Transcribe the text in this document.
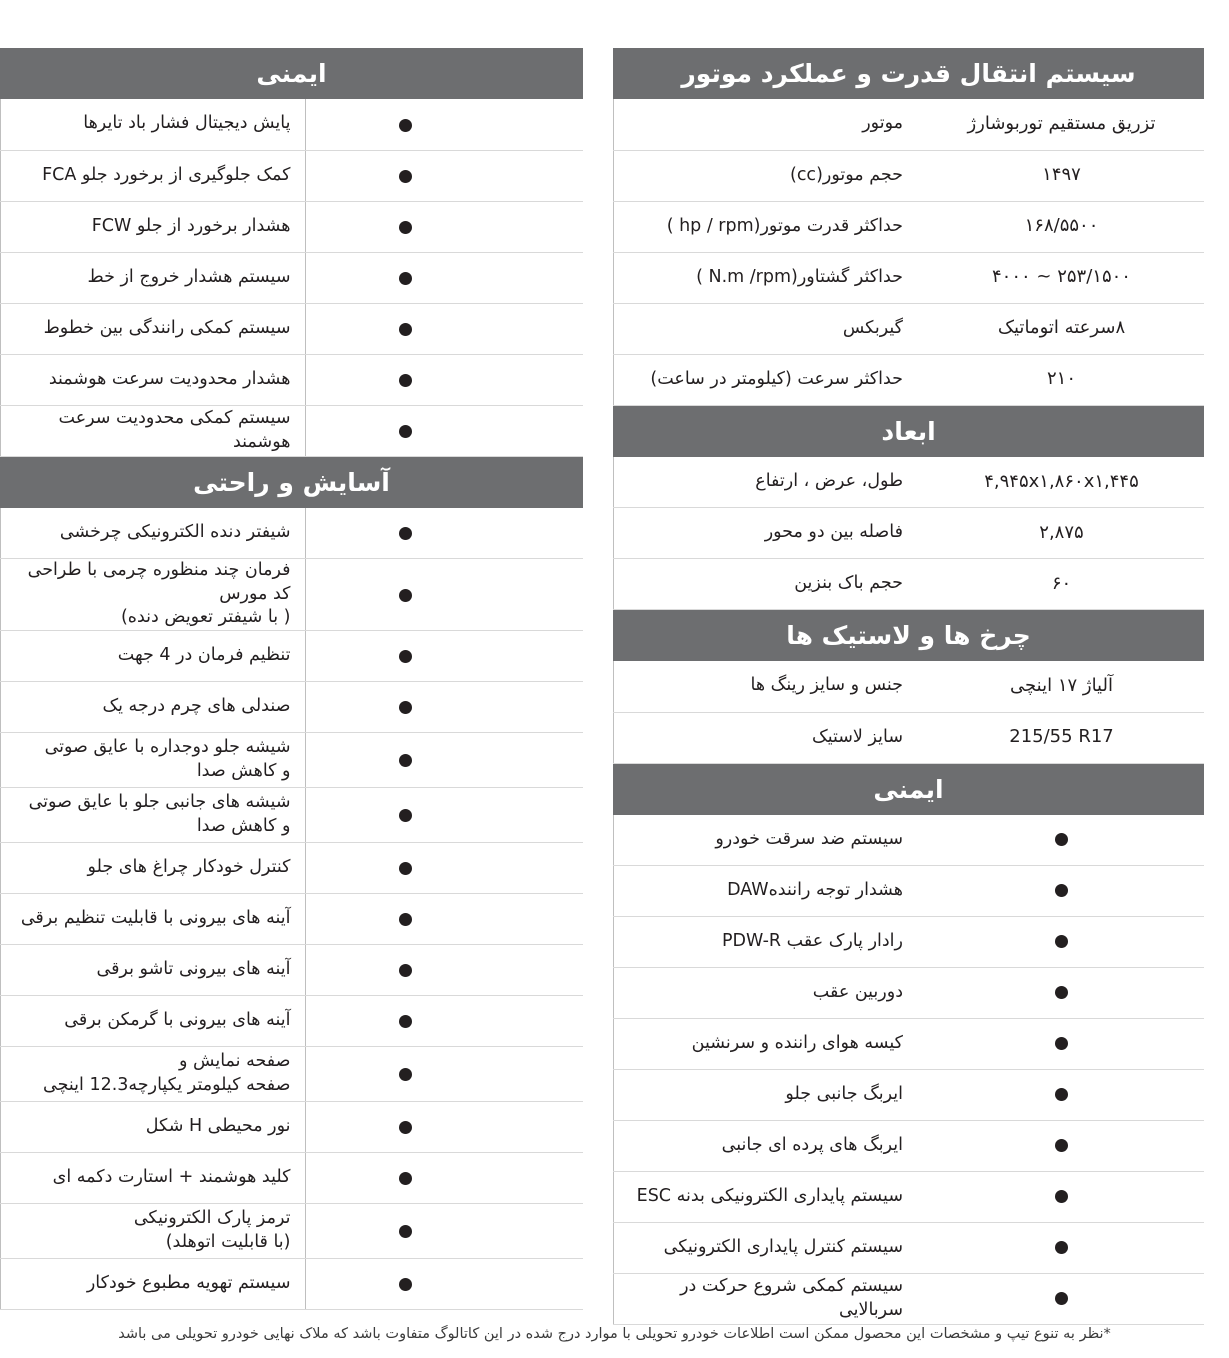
سیستم انتقال قدرت و عملکرد موتور
تزریق مستقیم توربوشارژ	موتور
۱۴۹۷	حجم موتور(cc)
۱۶۸/۵۵۰۰	حداکثر قدرت موتور(hp / rpm )
۲۵۳/۱۵۰۰ ~ ۴۰۰۰	حداکثر گشتاور(N.m /rpm )
۸سرعته اتوماتیک	گیربکس
۲۱۰	حداکثر سرعت (کیلومتر در ساعت)
ابعاد
۴,۹۴۵x۱,۸۶۰x۱,۴۴۵	طول، عرض ، ارتفاع
۲,۸۷۵	فاصله بین دو محور
۶۰	حجم باک بنزین
چرخ ها و لاستیک ها
آلیاژ ۱۷ اینچی	جنس و سایز رینگ ها
215/55 R17	سایز لاستیک
ایمنی
	سیستم ضد سرقت خودرو
	هشدار توجه رانندهDAW
	رادار پارک عقب PDW-R
	دوربین عقب
	کیسه هوای راننده و سرنشین
	ایربگ جانبی جلو
	ایربگ های پرده ای جانبی
	سیستم پایداری الکترونیکی بدنه ESC
	سیستم کنترل پایداری الکترونیکی
	سیستم کمکی شروع حرکت در سربالایی
ایمنی
		پایش دیجیتال فشار باد تایرها
		کمک جلوگیری از برخورد جلو FCA
		هشدار برخورد از جلو FCW
		سیستم هشدار خروج از خط
		سیستم کمکی رانندگی بین خطوط
		هشدار محدودیت سرعت هوشمند
		سیستم کمکی محدودیت سرعت هوشمند
آسایش و راحتی
		شیفتر دنده الکترونیکی چرخشی
		فرمان چند منظوره چرمی با طراحی کد مورس
( با شیفتر تعویض دنده)
		تنظیم فرمان در 4 جهت
		صندلی های چرم درجه یک
		شیشه جلو دوجداره با عایق صوتی
و کاهش صدا
		شیشه های جانبی جلو با عایق صوتی
و کاهش صدا
		کنترل خودکار چراغ های جلو
		آینه های بیرونی با قابلیت تنظیم برقی
		آینه های بیرونی تاشو برقی
		آینه های بیرونی با گرمکن برقی
		صفحه نمایش و
صفحه کیلومتر یکپارچه12.3 اینچی
		نور محیطی H شکل
		کلید هوشمند + استارت دکمه ای
		ترمز پارک الکترونیکی
(با قابلیت اتوهلد)
		سیستم تهویه مطبوع خودکار
*نظر به تنوع تیپ و مشخصات این محصول ممکن است اطلاعات خودرو تحویلی با موارد درج شده در این کاتالوگ متفاوت باشد که ملاک نهایی خودرو تحویلی می باشد
